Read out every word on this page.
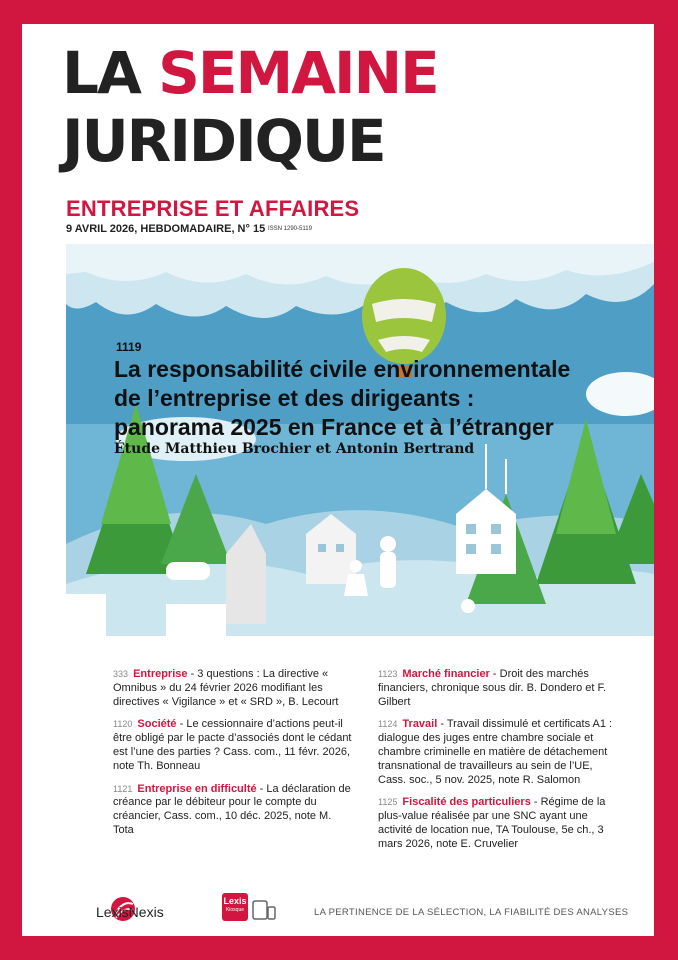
LA SEMAINE
JURIDIQUE
ENTREPRISE ET AFFAIRES
9 AVRIL 2026, HEBDOMADAIRE, N° 15 ISSN 1290-5119
1119
La responsabilité civile environnementale
de l’entreprise et des dirigeants :
panorama 2025 en France et à l’étranger
Étude Matthieu Brochier et Antonin Bertrand
333 Entreprise - 3 questions : La directive « Omnibus » du 24 février 2026 modifiant les directives « Vigilance » et « SRD », B. Lecourt
1120 Société - Le cessionnaire d’actions peut-il être obligé par le pacte d’associés dont le cédant est l’une des parties ? Cass. com., 11 févr. 2026, note Th. Bonneau
1121 Entreprise en difficulté - La déclaration de créance par le débiteur pour le compte du créancier, Cass. com., 10 déc. 2025, note M. Tota
1123 Marché financier - Droit des marchés financiers, chronique sous dir. B. Dondero et F. Gilbert
1124 Travail - Travail dissimulé et certificats A1 : dialogue des juges entre chambre sociale et chambre criminelle en matière de détachement transnational de travailleurs au sein de l’UE, Cass. soc., 5 nov. 2025, note R. Salomon
1125 Fiscalité des particuliers - Régime de la plus-value réalisée par une SNC ayant une activité de location nue, TA Toulouse, 5e ch., 3 mars 2026, note E. Cruvelier
LexisNexis
Lexis
Kiosque	LA PERTINENCE DE LA SÉLECTION, LA FIABILITÉ DES ANALYSES
